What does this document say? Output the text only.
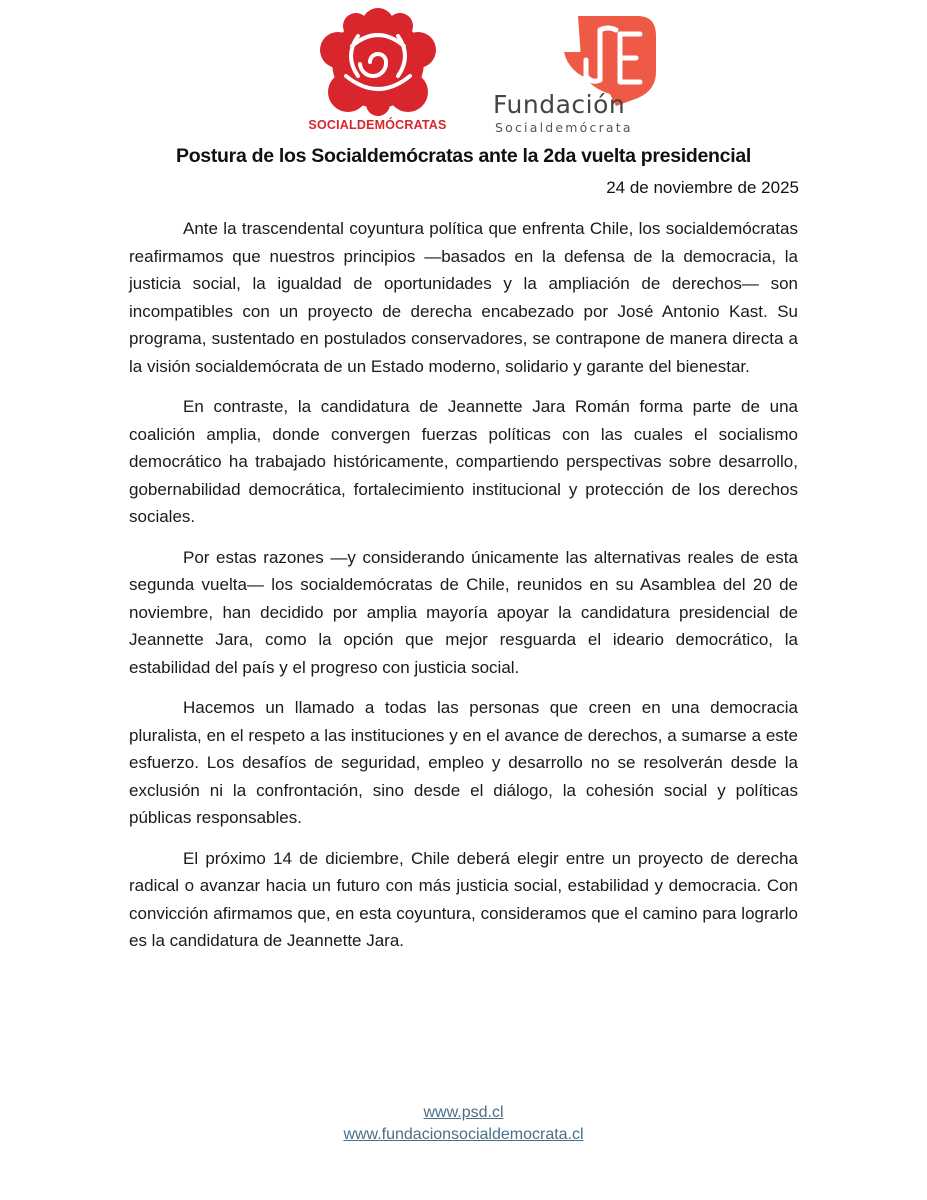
SOCIALDEMÓCRATAS
Fundación
Socialdemócrata
Postura de los Socialdemócratas ante la 2da vuelta presidencial
24 de noviembre de 2025

Ante la trascendental coyuntura política que enfrenta Chile, los socialdemócratas reafirmamos que nuestros principios —basados en la defensa de la democracia, la justicia social, la igualdad de oportunidades y la ampliación de derechos— son incompatibles con un proyecto de derecha encabezado por José Antonio Kast. Su programa, sustentado en postulados conservadores, se contrapone de manera directa a la visión socialdemócrata de un Estado moderno, solidario y garante del bienestar.

En contraste, la candidatura de Jeannette Jara Román forma parte de una coalición amplia, donde convergen fuerzas políticas con las cuales el socialismo democrático ha trabajado históricamente, compartiendo perspectivas sobre desarrollo, gobernabilidad democrática, fortalecimiento institucional y protección de los derechos sociales.

Por estas razones —y considerando únicamente las alternativas reales de esta segunda vuelta— los socialdemócratas de Chile, reunidos en su Asamblea del 20 de noviembre, han decidido por amplia mayoría apoyar la candidatura presidencial de Jeannette Jara, como la opción que mejor resguarda el ideario democrático, la estabilidad del país y el progreso con justicia social.

Hacemos un llamado a todas las personas que creen en una democracia pluralista, en el respeto a las instituciones y en el avance de derechos, a sumarse a este esfuerzo. Los desafíos de seguridad, empleo y desarrollo no se resolverán desde la exclusión ni la confrontación, sino desde el diálogo, la cohesión social y políticas públicas responsables.

El próximo 14 de diciembre, Chile deberá elegir entre un proyecto de derecha radical o avanzar hacia un futuro con más justicia social, estabilidad y democracia. Con convicción afirmamos que, en esta coyuntura, consideramos que el camino para lograrlo es la candidatura de Jeannette Jara.

www.psd.cl
www.fundacionsocialdemocrata.cl
